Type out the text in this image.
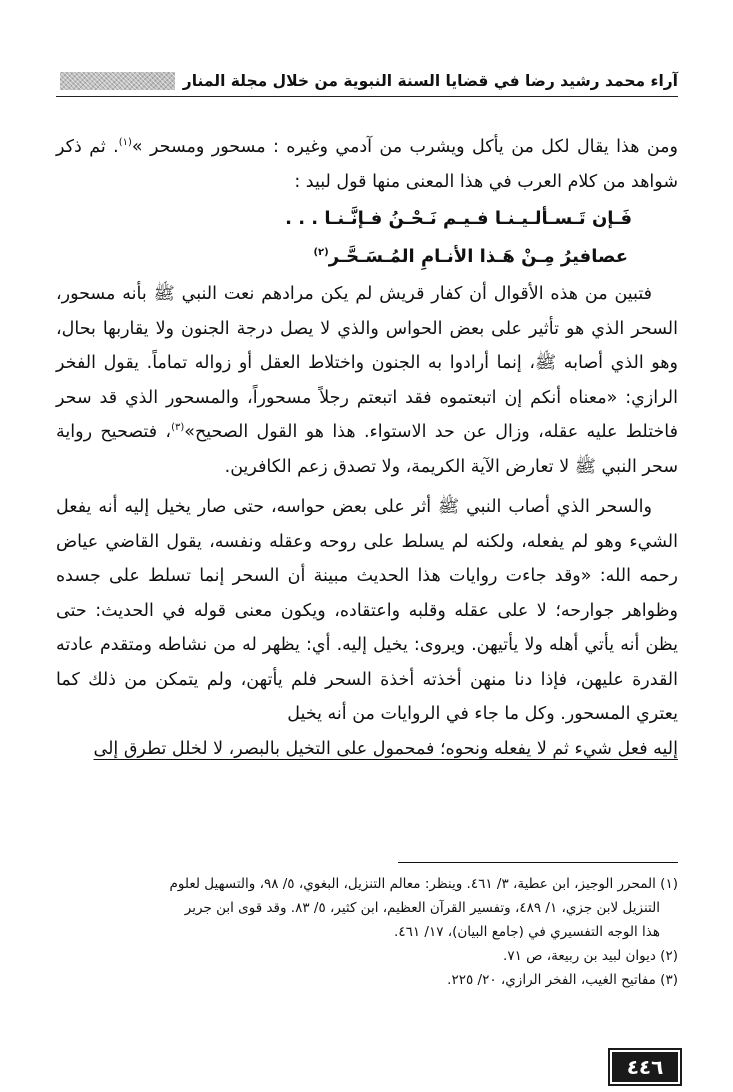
آراء محمد رشيد رضا في قضايا السنة النبوية من خلال مجلة المنار

ومن هذا يقال لكل من يأكل ويشرب من آدمي وغيره : مسحور ومسحر »$^{(١)}$. ثم ذكر شواهد من كلام العرب في هذا المعنى منها قول لبيد :

فَـإن تَـسـألـيـنـا فـيـم نَـحْـنُ فـإنَّـنـا . . .
عصافيرُ مِـنْ هَـذا الأنـامِ المُـسَـحَّـر$^{(٢)}$

فتبين من هذه الأقوال أن كفار قريش لم يكن مرادهم نعت النبي ﷺ بأنه مسحور، السحر الذي هو تأثير على بعض الحواس والذي لا يصل درجة الجنون ولا يقاربها بحال، وهو الذي أصابه ﷺ، إنما أرادوا به الجنون واختلاط العقل أو زواله تماماً. يقول الفخر الرازي: «معناه أنكم إن اتبعتموه فقد اتبعتم رجلاً مسحوراً، والمسحور الذي قد سحر فاختلط عليه عقله، وزال عن حد الاستواء. هذا هو القول الصحيح»$^{(٣)}$، فتصحيح رواية سحر النبي ﷺ لا تعارض الآية الكريمة، ولا تصدق زعم الكافرين.

والسحر الذي أصاب النبي ﷺ أثر على بعض حواسه، حتى صار يخيل إليه أنه يفعل الشيء وهو لم يفعله، ولكنه لم يسلط على روحه وعقله ونفسه، يقول القاضي عياض رحمه الله: «وقد جاءت روايات هذا الحديث مبينة أن السحر إنما تسلط على جسده وظواهر جوارحه؛ لا على عقله وقلبه واعتقاده، ويكون معنى قوله في الحديث: حتى يظن أنه يأتي أهله ولا يأتيهن. ويروى: يخيل إليه. أي: يظهر له من نشاطه ومتقدم عادته القدرة عليهن، فإذا دنا منهن أخذته أخذة السحر فلم يأتهن، ولم يتمكن من ذلك كما يعتري المسحور. وكل ما جاء في الروايات من أنه يخيل

إليه فعل شيء ثم لا يفعله ونحوه؛ فمحمول على التخيل بالبصر، لا لخلل تطرق إلى

(١) المحرر الوجيز، ابن عطية، ٣/ ٤٦١. وينظر: معالم التنزيل، البغوي، ٥/ ٩٨، والتسهيل لعلوم
التنزيل لابن جزي، ١/ ٤٨٩، وتفسير القرآن العظيم، ابن كثير، ٥/ ٨٣. وقد قوى ابن جرير
هذا الوجه التفسيري في (جامع البيان)، ١٧/ ٤٦١.

(٢) ديوان لبيد بن ربيعة، ص ٧١.

(٣) مفاتيح الغيب، الفخر الرازي، ٢٠/ ٢٢٥.

٤٤٦
